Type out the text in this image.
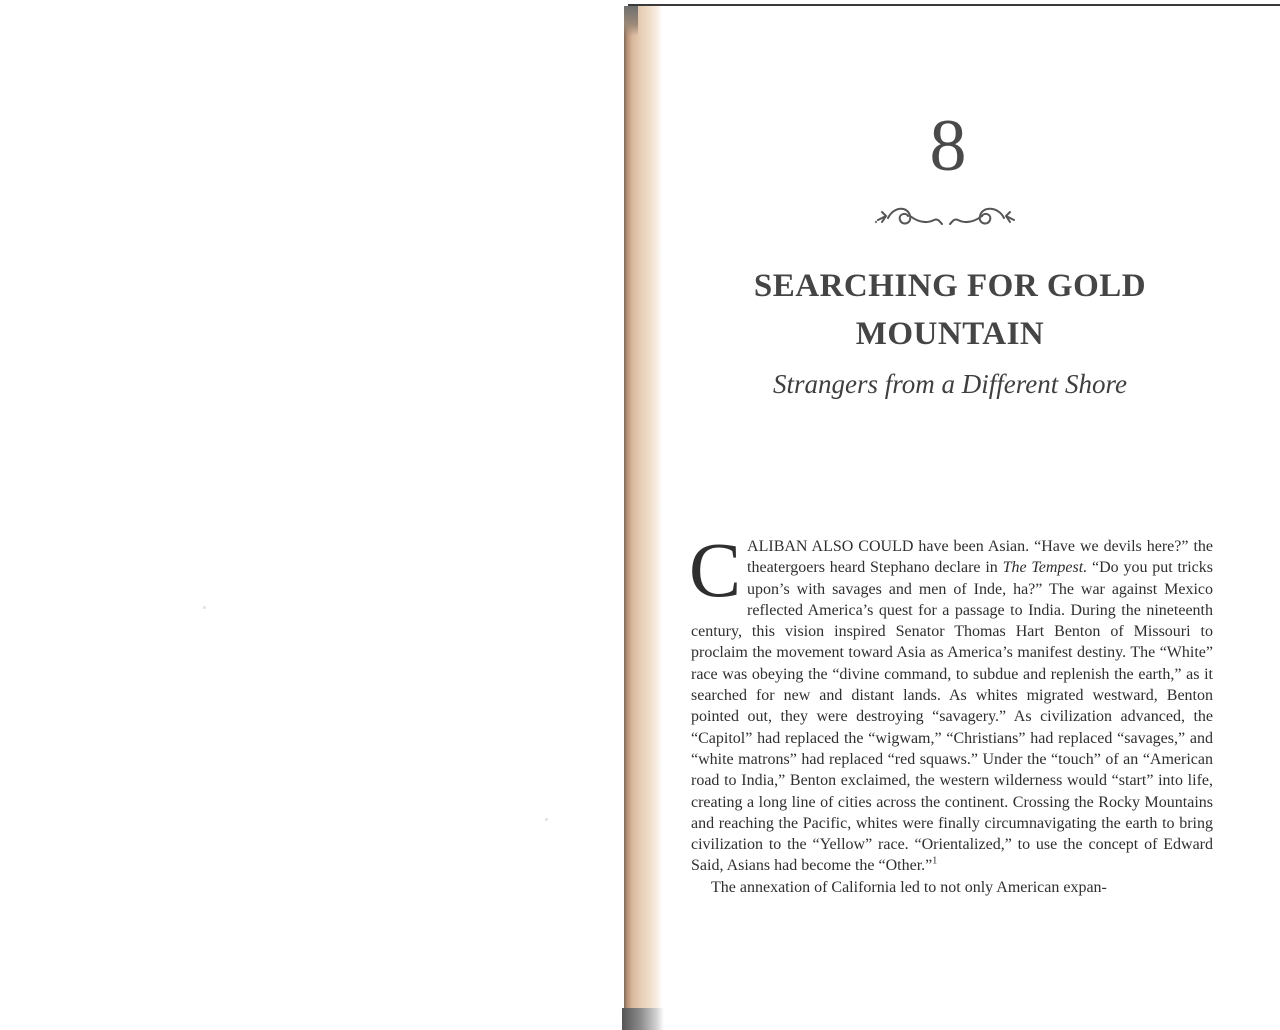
8
SEARCHING FOR GOLD
MOUNTAIN
Strangers from a Different Shore

CALIBAN ALSO COULD have been Asian. “Have we devils here?” the theatergoers heard Stephano declare in The Tempest. “Do you put tricks upon’s with savages and men of Inde, ha?” The war against Mexico reflected America’s quest for a passage to India. During the nineteenth century, this vision inspired Senator Thomas Hart Benton of Missouri to proclaim the movement toward Asia as America’s manifest destiny. The “White” race was obeying the “divine command, to subdue and replenish the earth,” as it searched for new and distant lands. As whites migrated westward, Benton pointed out, they were destroying “savagery.” As civilization advanced, the “Capitol” had replaced the “wigwam,” “Christians” had replaced “savages,” and “white matrons” had replaced “red squaws.” Under the “touch” of an “American road to India,” Benton exclaimed, the western wilderness would “start” into life, creating a long line of cities across the continent. Crossing the Rocky Mountains and reaching the Pacific, whites were finally circumnavigating the earth to bring civilization to the “Yellow” race. “Orientalized,” to use the concept of Edward Said, Asians had become the “Other.”$^1$

The annexation of California led to not only American expan-
